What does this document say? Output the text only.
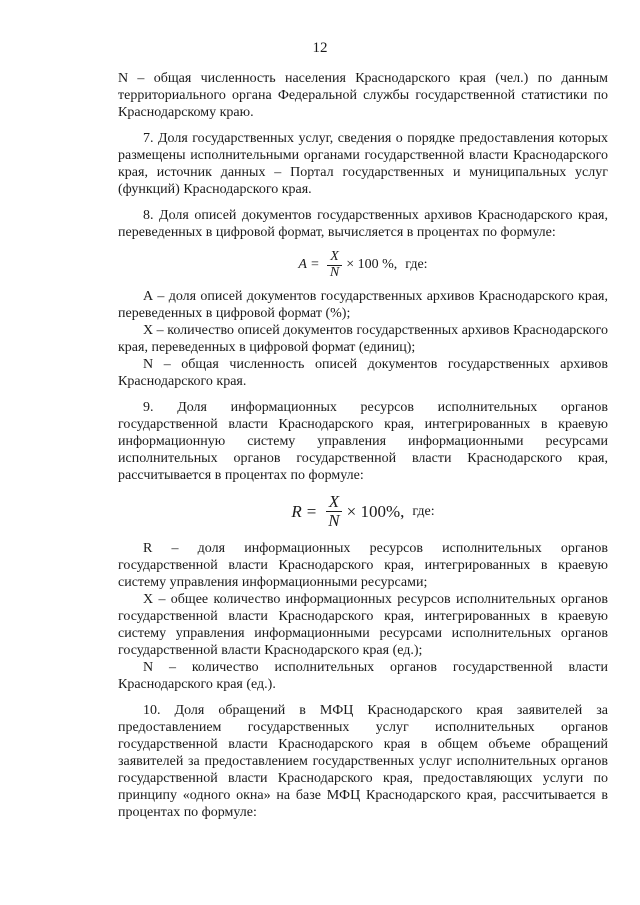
12

N – общая численность населения Краснодарского края (чел.) по данным территориального органа Федеральной службы государственной статистики по Краснодарскому краю.

7. Доля государственных услуг, сведения о порядке предоставления которых размещены исполнительными органами государственной власти Краснодарского края, источник данных – Портал государственных и муниципальных услуг (функций) Краснодарского края.

8. Доля описей документов государственных архивов Краснодарского края, переведенных в цифровой формат, вычисляется в процентах по формуле:

$A = \frac{X}{N} \times 100$ %, где:

А – доля описей документов государственных архивов Краснодарского края, переведенных в цифровой формат (%);

Х – количество описей документов государственных архивов Краснодарского края, переведенных в цифровой формат (единиц);

N – общая численность описей документов государственных архивов Краснодарского края.

9. Доля информационных ресурсов исполнительных органов государственной власти Краснодарского края, интегрированных в краевую информационную систему управления информационными ресурсами исполнительных органов государственной власти Краснодарского края, рассчитывается в процентах по формуле:

$R = \frac{X}{N} \times 100\%$, где:

R – доля информационных ресурсов исполнительных органов государственной власти Краснодарского края, интегрированных в краевую систему управления информационными ресурсами;

Х – общее количество информационных ресурсов исполнительных органов государственной власти Краснодарского края, интегрированных в краевую систему управления информационными ресурсами исполнительных органов государственной власти Краснодарского края (ед.);

N – количество исполнительных органов государственной власти Краснодарского края (ед.).

10. Доля обращений в МФЦ Краснодарского края заявителей за предоставлением государственных услуг исполнительных органов государственной власти Краснодарского края в общем объеме обращений заявителей за предоставлением государственных услуг исполнительных органов государственной власти Краснодарского края, предоставляющих услуги по принципу «одного окна» на базе МФЦ Краснодарского края, рассчитывается в процентах по формуле:
